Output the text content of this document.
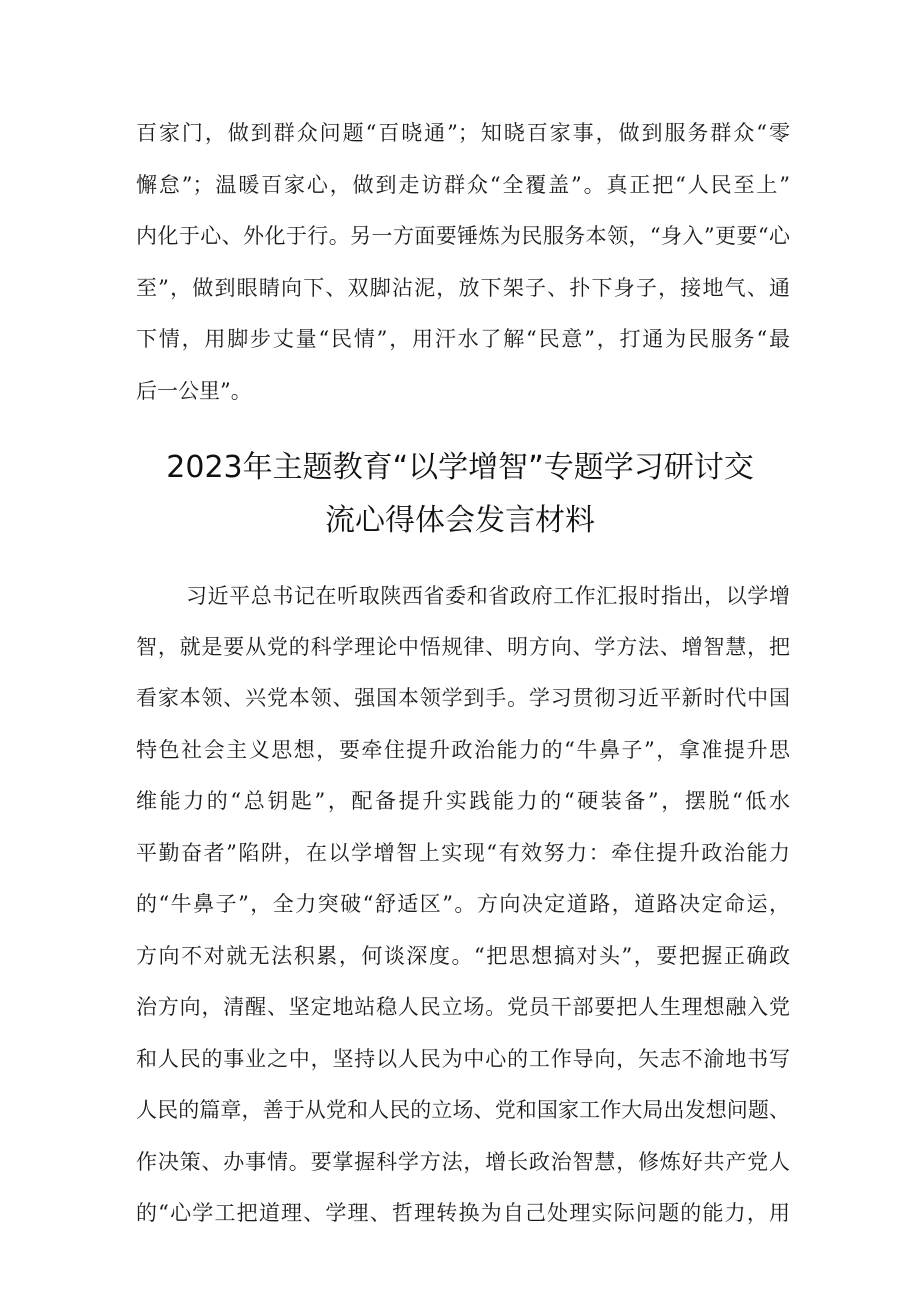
百家门，做到群众问题“百晓通”；知晓百家事，做到服务群众“零
懈怠”；温暖百家心，做到走访群众“全覆盖”。真正把“人民至上”
内化于心、外化于行。另一方面要锤炼为民服务本领，“身入”更要“心
至”，做到眼睛向下、双脚沾泥，放下架子、扑下身子，接地气、通
下情，用脚步丈量“民情”，用汗水了解“民意”，打通为民服务“最
后一公里”。
2023年主题教育“以学增智”专题学习研讨交
流心得体会发言材料
习近平总书记在听取陕西省委和省政府工作汇报时指出，以学增
智，就是要从党的科学理论中悟规律、明方向、学方法、增智慧，把
看家本领、兴党本领、强国本领学到手。学习贯彻习近平新时代中国
特色社会主义思想，要牵住提升政治能力的“牛鼻子”，拿准提升思
维能力的“总钥匙”，配备提升实践能力的“硬装备”，摆脱“低水
平勤奋者”陷阱，在以学增智上实现“有效努力：牵住提升政治能力
的“牛鼻子”，全力突破“舒适区”。方向决定道路，道路决定命运，
方向不对就无法积累，何谈深度。“把思想搞对头”，要把握正确政
治方向，清醒、坚定地站稳人民立场。党员干部要把人生理想融入党
和人民的事业之中，坚持以人民为中心的工作导向，矢志不渝地书写
人民的篇章，善于从党和人民的立场、党和国家工作大局出发想问题、
作决策、办事情。要掌握科学方法，增长政治智慧，修炼好共产党人
的“心学工把道理、学理、哲理转换为自己处理实际问题的能力，用
